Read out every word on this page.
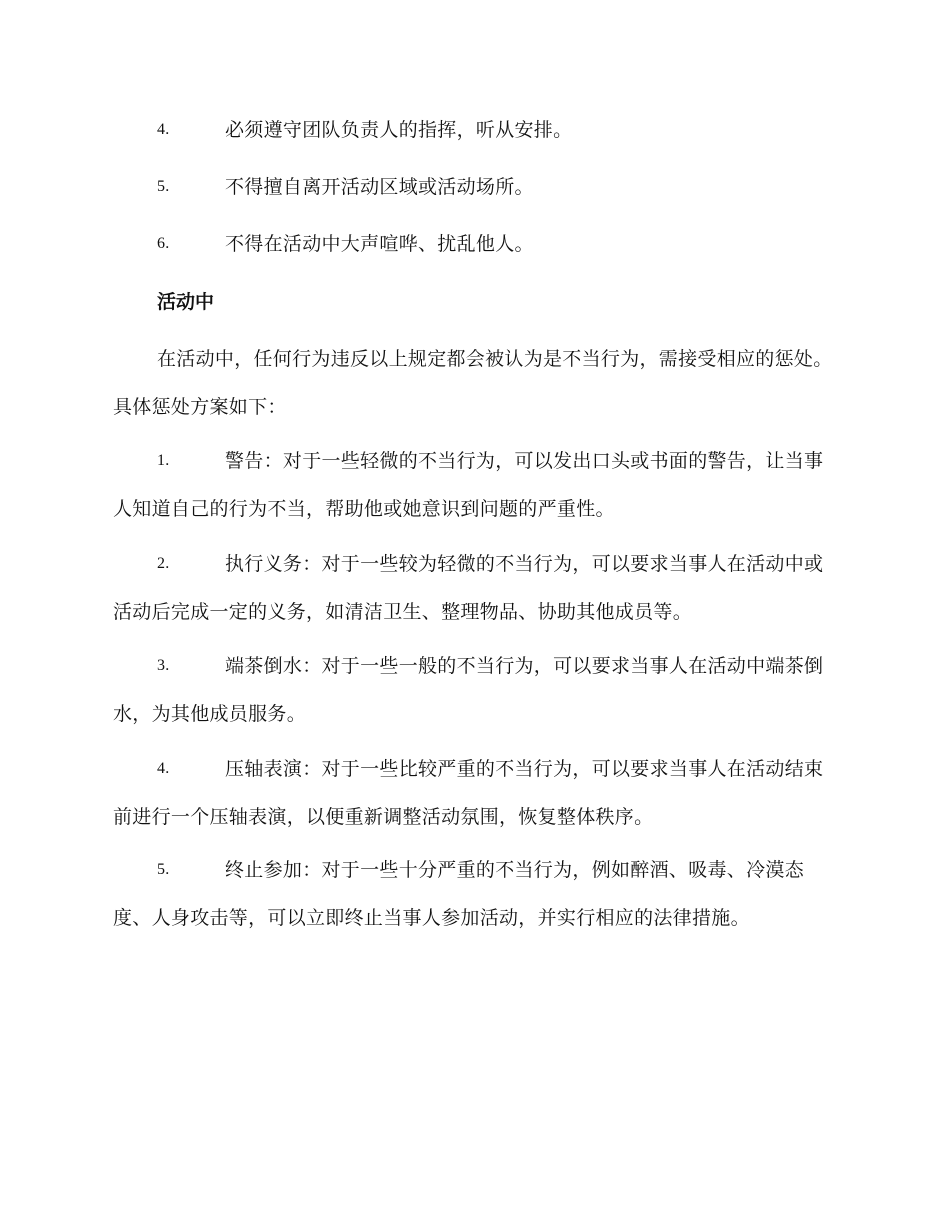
4.	必须遵守团队负责人的指挥，听从安排。
5.	不得擅自离开活动区域或活动场所。
6.	不得在活动中大声喧哗、扰乱他人。
活动中
在活动中，任何行为违反以上规定都会被认为是不当行为，需接受相应的惩处。具体惩处方案如下：
1.	警告：对于一些轻微的不当行为，可以发出口头或书面的警告，让当事人知道自己的行为不当，帮助他或她意识到问题的严重性。
2.	执行义务：对于一些较为轻微的不当行为，可以要求当事人在活动中或活动后完成一定的义务，如清洁卫生、整理物品、协助其他成员等。
3.	端茶倒水：对于一些一般的不当行为，可以要求当事人在活动中端茶倒水，为其他成员服务。
4.	压轴表演：对于一些比较严重的不当行为，可以要求当事人在活动结束前进行一个压轴表演，以便重新调整活动氛围，恢复整体秩序。
5.	终止参加：对于一些十分严重的不当行为，例如醉酒、吸毒、冷漠态度、人身攻击等，可以立即终止当事人参加活动，并实行相应的法律措施。
